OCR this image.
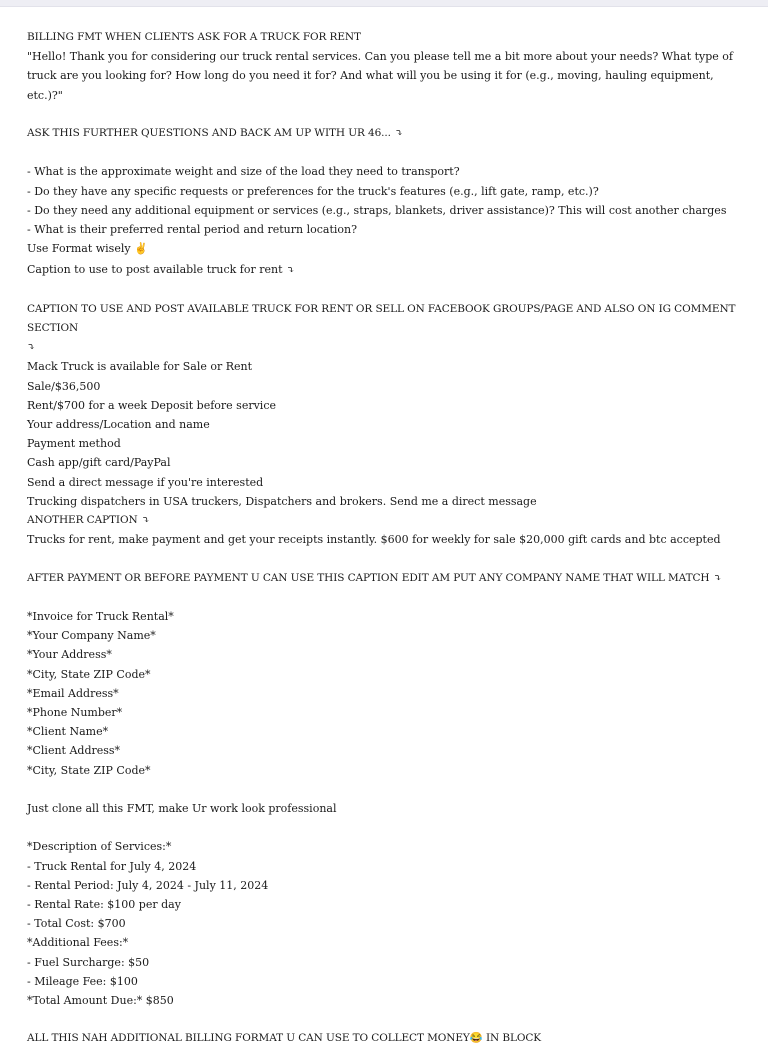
BILLING FMT WHEN CLIENTS ASK FOR A TRUCK FOR RENT
"Hello! Thank you for considering our truck rental services. Can you please tell me a bit more about your needs? What type of truck are you looking for? How long do you need it for? And what will you be using it for (e.g., moving, hauling equipment, etc.)?"
ASK THIS FURTHER QUESTIONS AND BACK AM UP WITH UR 46... ⤵
- What is the approximate weight and size of the load they need to transport?
- Do they have any specific requests or preferences for the truck's features (e.g., lift gate, ramp, etc.)?
- Do they need any additional equipment or services (e.g., straps, blankets, driver assistance)? This will cost another charges
- What is their preferred rental period and return location?
Use Format wisely ✌️
Caption to use to post available truck for rent ⤵
CAPTION TO USE AND POST AVAILABLE TRUCK FOR RENT OR SELL ON FACEBOOK GROUPS/PAGE AND ALSO ON IG COMMENT SECTION
⤵
Mack Truck is available for Sale or Rent
Sale/$36,500
Rent/$700 for a week Deposit before service
Your address/Location and name
Payment method
Cash app/gift card/PayPal
Send a direct message if you're interested
Trucking dispatchers in USA truckers, Dispatchers and brokers. Send me a direct message
ANOTHER CAPTION ⤵
Trucks for rent, make payment and get your receipts instantly. $600 for weekly for sale $20,000 gift cards and btc accepted
AFTER PAYMENT OR BEFORE PAYMENT U CAN USE THIS CAPTION EDIT AM PUT ANY COMPANY NAME THAT WILL MATCH ⤵
*Invoice for Truck Rental*
*Your Company Name*
*Your Address*
*City, State ZIP Code*
*Email Address*
*Phone Number*
*Client Name*
*Client Address*
*City, State ZIP Code*
Just clone all this FMT, make Ur work look professional
*Description of Services:*
- Truck Rental for July 4, 2024
- Rental Period: July 4, 2024 - July 11, 2024
- Rental Rate: $100 per day
- Total Cost: $700
*Additional Fees:*
- Fuel Surcharge: $50
- Mileage Fee: $100
*Total Amount Due:* $850
ALL THIS NAH ADDITIONAL BILLING FORMAT U CAN USE TO COLLECT MONEY😂 IN BLOCK
